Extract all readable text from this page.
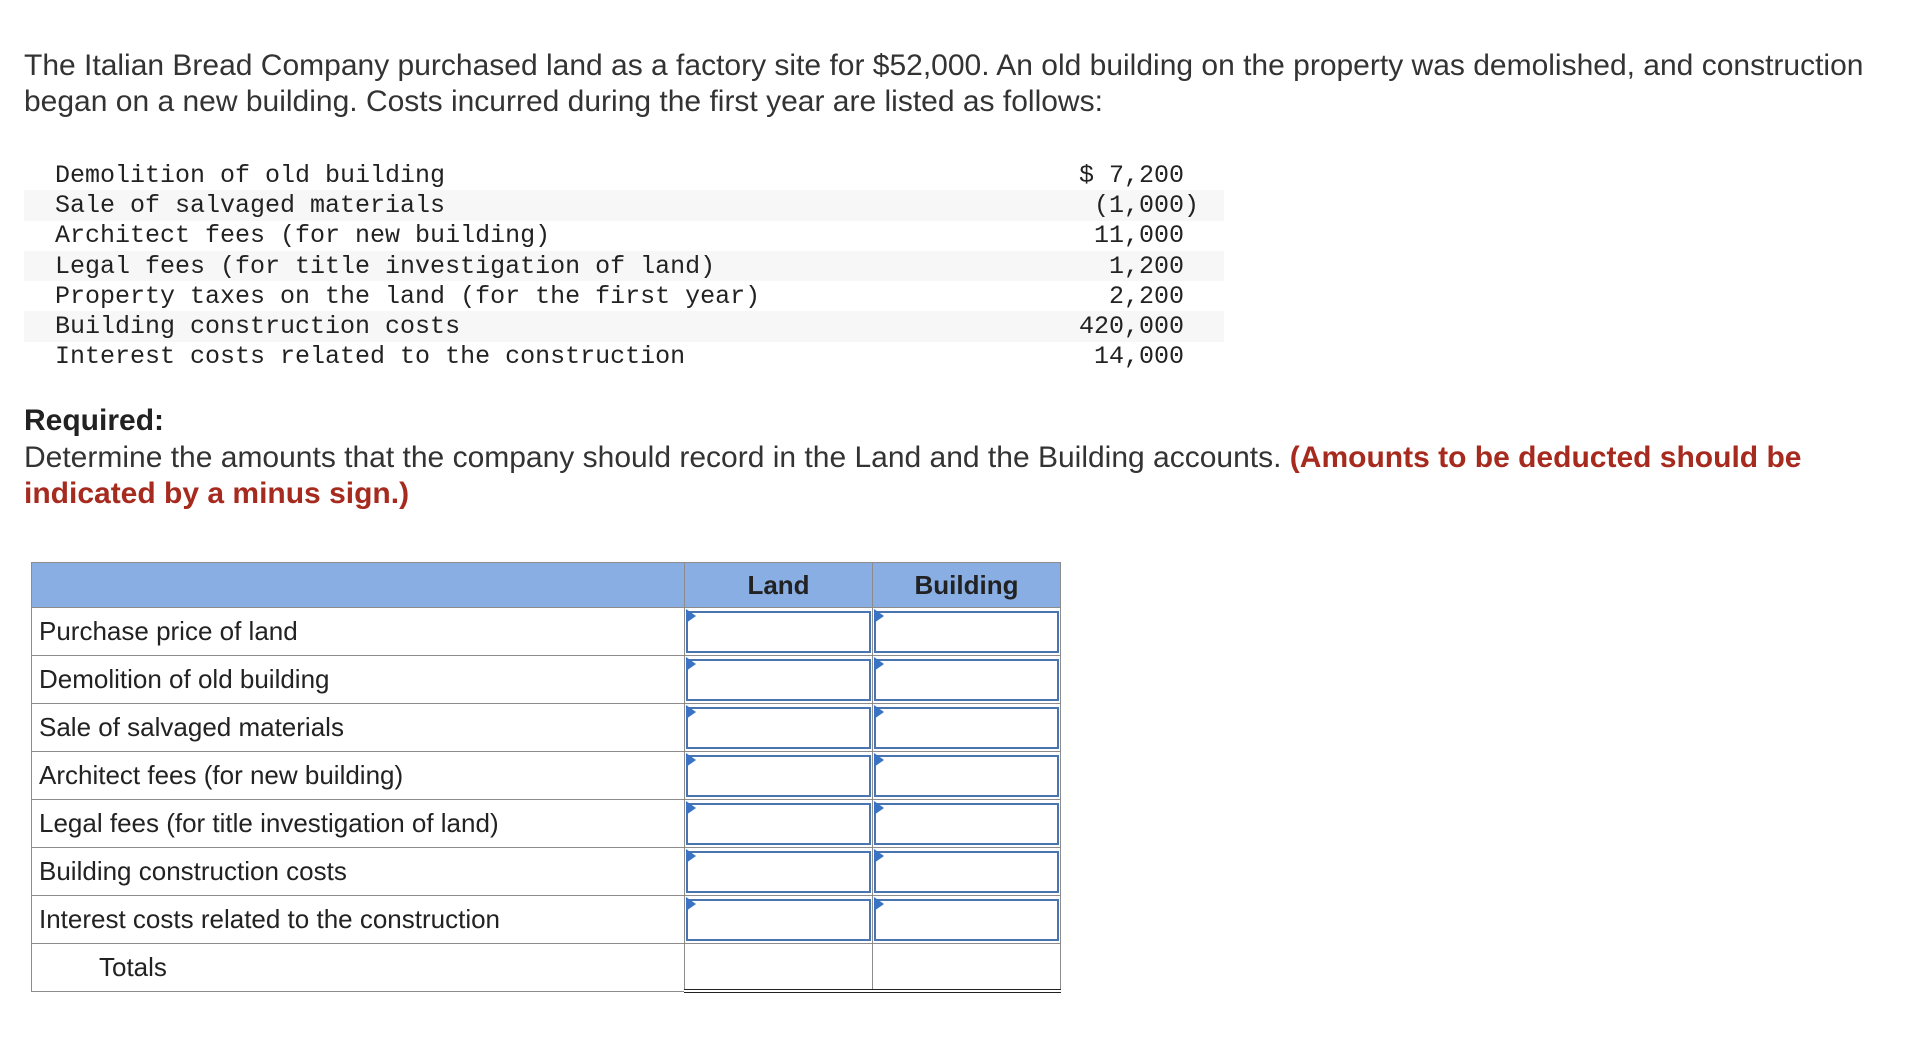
The Italian Bread Company purchased land as a factory site for $52,000. An old building on the property was demolished, and construction began on a new building. Costs incurred during the first year are listed as follows:

Demolition of old building	$ 7,200
Sale of salvaged materials	(1,000)
Architect fees (for new building)	11,000
Legal fees (for title investigation of land)	1,200
Property taxes on the land (for the first year)	2,200
Building construction costs	420,000
Interest costs related to the construction	14,000

Required:

Determine the amounts that the company should record in the Land and the Building accounts. (Amounts to be deducted should be indicated by a minus sign.)

	Land	Building
Purchase price of land	

Demolition of old building	

Sale of salvaged materials	

Architect fees (for new building)	

Legal fees (for title investigation of land)	

Building construction costs	

Interest costs related to the construction	

Totals		
